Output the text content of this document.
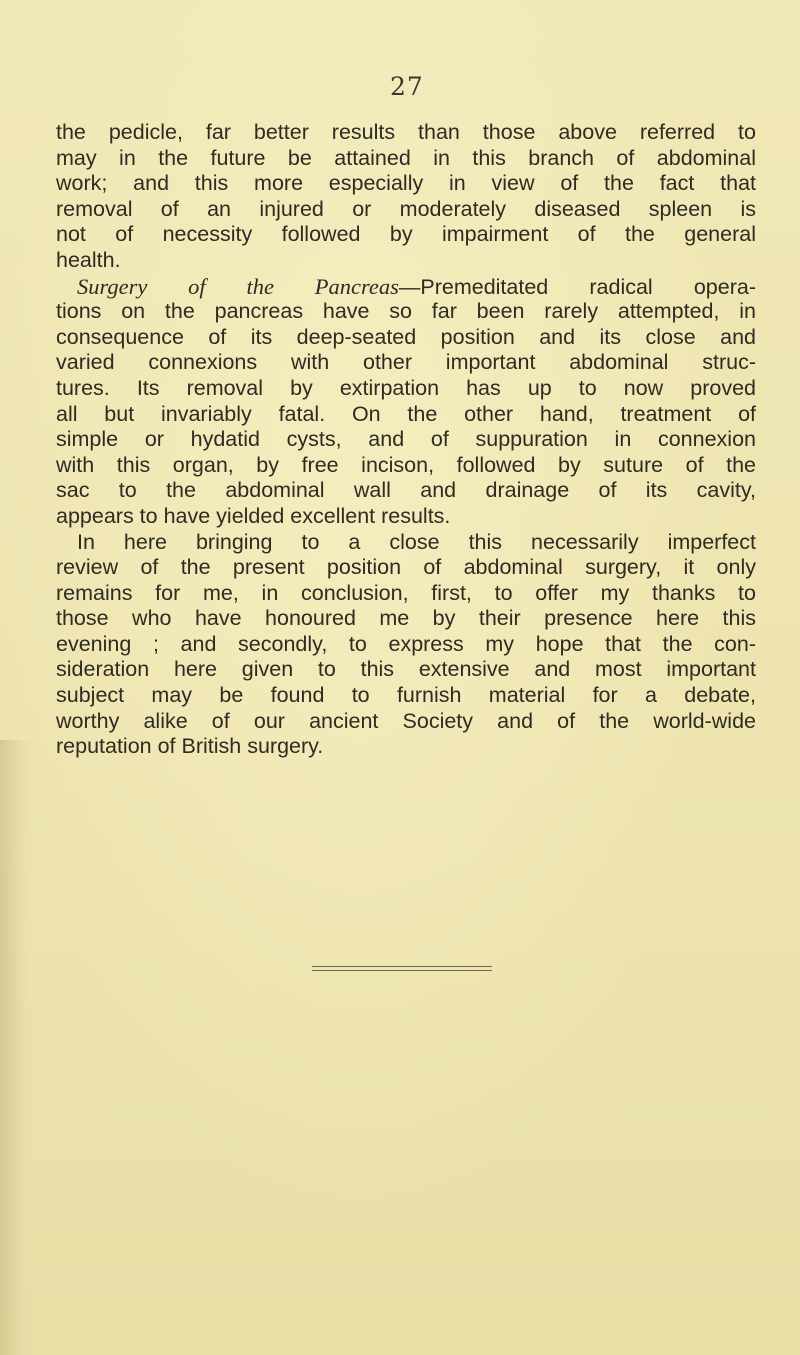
27
the pedicle, far better results than those above referred to
may in the future be attained in this branch of abdominal
work; and this more especially in view of the fact that
removal of an injured or moderately diseased spleen is
not of necessity followed by impairment of the general
health.
Surgery of the Pancreas—Premeditated radical opera-
tions on the pancreas have so far been rarely attempted, in
consequence of its deep-seated position and its close and
varied connexions with other important abdominal struc-
tures. Its removal by extirpation has up to now proved
all but invariably fatal. On the other hand, treatment of
simple or hydatid cysts, and of suppuration in connexion
with this organ, by free incison, followed by suture of the
sac to the abdominal wall and drainage of its cavity,
appears to have yielded excellent results.
In here bringing to a close this necessarily imperfect
review of the present position of abdominal surgery, it only
remains for me, in conclusion, first, to offer my thanks to
those who have honoured me by their presence here this
evening ; and secondly, to express my hope that the con-
sideration here given to this extensive and most important
subject may be found to furnish material for a debate,
worthy alike of our ancient Society and of the world-wide
reputation of British surgery.
